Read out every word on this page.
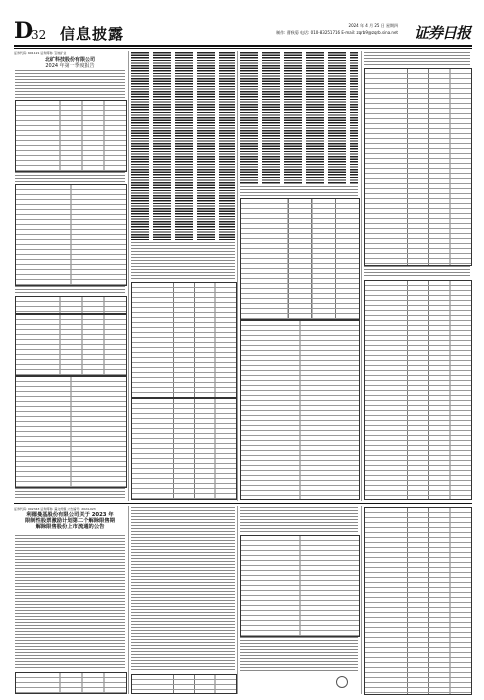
D
32 信息披露	2024 年 4 月 25 日 星期四
制作: 曹秋菊 电话: 010-83251716 E-mail: zqrb9@zqrb.sina.net 证券日报
证券代码: 601121 证券简称: 宝地矿业
北矿科技股份有限公司
2024 年第一季度报告
证券代码: 002343 证券简称: 慈文传媒 公告编号: 2024-023
利德曼基股份有限公司关于 2023 年
限制性股票激励计划第二个解除限售期
解除限售股份上市流通的公告
